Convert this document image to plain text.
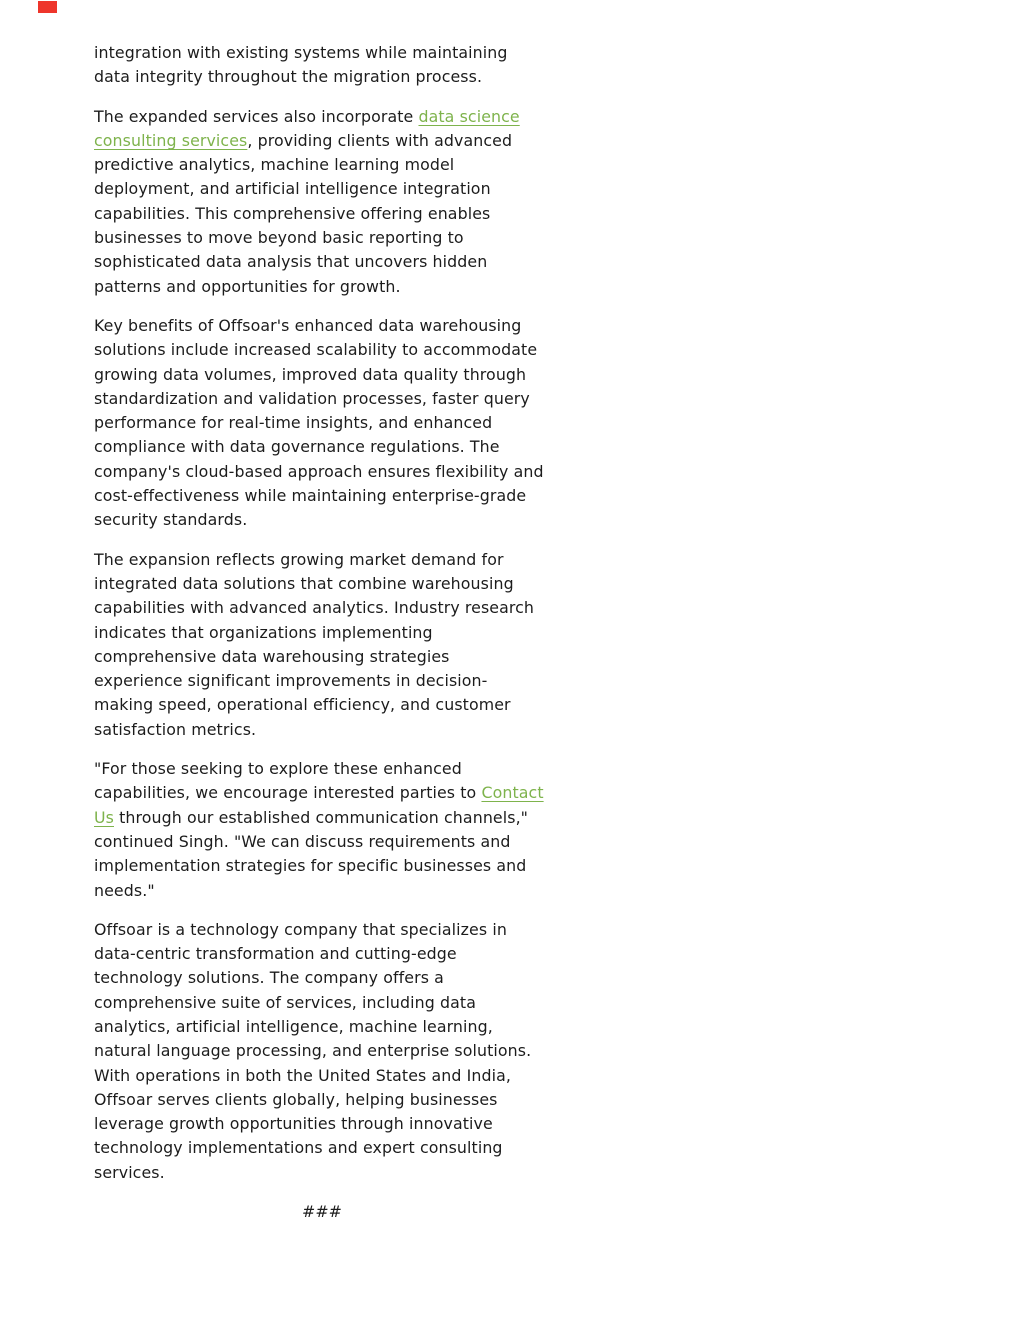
integration with existing systems while maintaining
data integrity throughout the migration process.
The expanded services also incorporate data science
consulting services, providing clients with advanced
predictive analytics, machine learning model
deployment, and artificial intelligence integration
capabilities. This comprehensive offering enables
businesses to move beyond basic reporting to
sophisticated data analysis that uncovers hidden
patterns and opportunities for growth.
Key benefits of Offsoar's enhanced data warehousing
solutions include increased scalability to accommodate
growing data volumes, improved data quality through
standardization and validation processes, faster query
performance for real-time insights, and enhanced
compliance with data governance regulations. The
company's cloud-based approach ensures flexibility and
cost-effectiveness while maintaining enterprise-grade
security standards.
The expansion reflects growing market demand for
integrated data solutions that combine warehousing
capabilities with advanced analytics. Industry research
indicates that organizations implementing
comprehensive data warehousing strategies
experience significant improvements in decision-
making speed, operational efficiency, and customer
satisfaction metrics.
"For those seeking to explore these enhanced
capabilities, we encourage interested parties to Contact
Us through our established communication channels,"
continued Singh. "We can discuss requirements and
implementation strategies for specific businesses and
needs."
Offsoar is a technology company that specializes in
data-centric transformation and cutting-edge
technology solutions. The company offers a
comprehensive suite of services, including data
analytics, artificial intelligence, machine learning,
natural language processing, and enterprise solutions.
With operations in both the United States and India,
Offsoar serves clients globally, helping businesses
leverage growth opportunities through innovative
technology implementations and expert consulting
services.
###
